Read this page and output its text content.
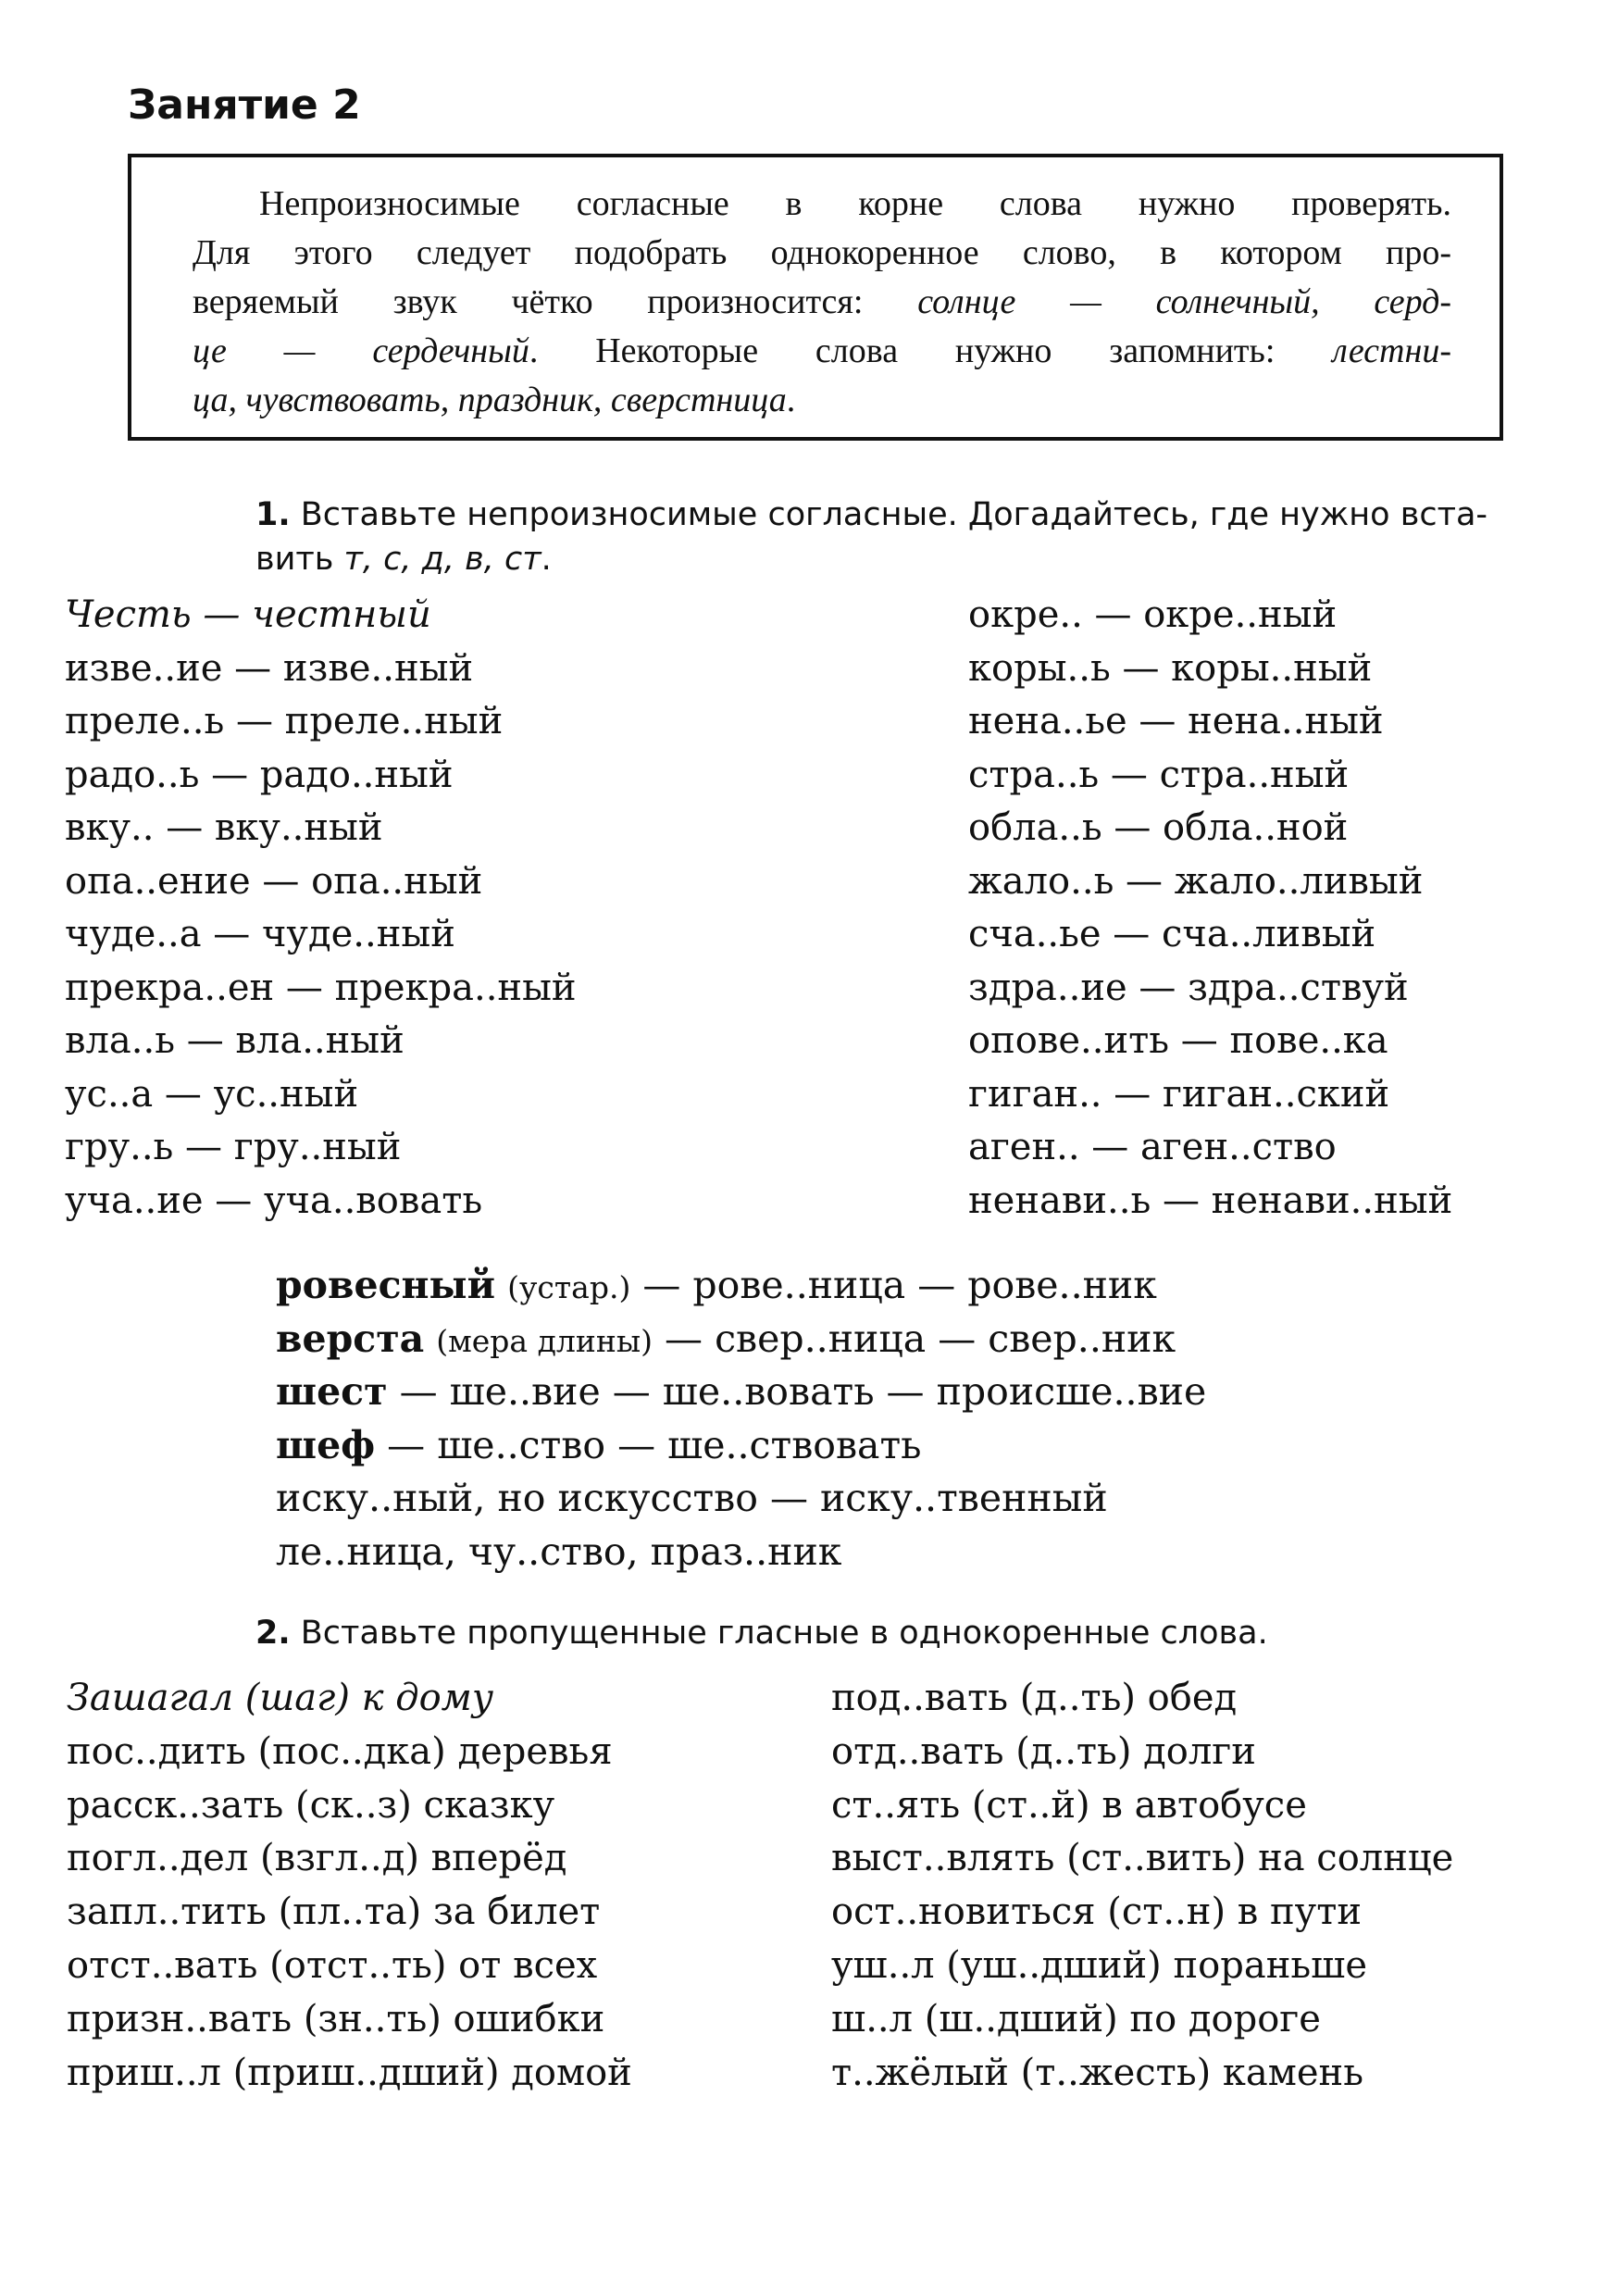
Занятие 2
Непроизносимые согласные в корне слова нужно проверять.
Для этого следует подобрать однокоренное слово, в котором про-
веряемый звук чётко произносится: солнце — солнечный, серд-
це — сердечный. Некоторые слова нужно запомнить: лестни-
ца, чувствовать, праздник, сверстница.
1. Вставьте непроизносимые согласные. Догадайтесь, где нужно вста-
вить т, с, д, в, ст.
Честь — честный
изве..ие — изве..ный
преле..ь — преле..ный
радо..ь — радо..ный
вку.. — вку..ный
опа..ение — опа..ный
чуде..а — чуде..ный
прекра..ен — прекра..ный
вла..ь — вла..ный
ус..а — ус..ный
гру..ь — гру..ный
уча..ие — уча..вовать
окре.. — окре..ный
коры..ь — коры..ный
нена..ье — нена..ный
стра..ь — стра..ный
обла..ь — обла..ной
жало..ь — жало..ливый
сча..ье — сча..ливый
здра..ие — здра..ствуй
опове..ить — пове..ка
гиган.. — гиган..ский
аген.. — аген..ство
ненави..ь — ненави..ный
ровесный (устар.) — рове..ница — рове..ник
верста (мера длины) — свер..ница — свер..ник
шест — ше..вие — ше..вовать — происше..вие
шеф — ше..ство — ше..ствовать
иску..ный, но искусство — иску..твенный
ле..ница, чу..ство, праз..ник
2. Вставьте пропущенные гласные в однокоренные слова.
Зашагал (шаг) к дому
пос..дить (пос..дка) деревья
расск..зать (ск..з) сказку
погл..дел (взгл..д) вперёд
запл..тить (пл..та) за билет
отст..вать (отст..ть) от всех
призн..вать (зн..ть) ошибки
приш..л (приш..дший) домой
под..вать (д..ть) обед
отд..вать (д..ть) долги
ст..ять (ст..й) в автобусе
выст..влять (ст..вить) на солнце
ост..новиться (ст..н) в пути
уш..л (уш..дший) пораньше
ш..л (ш..дший) по дороге
т..жёлый (т..жесть) камень
